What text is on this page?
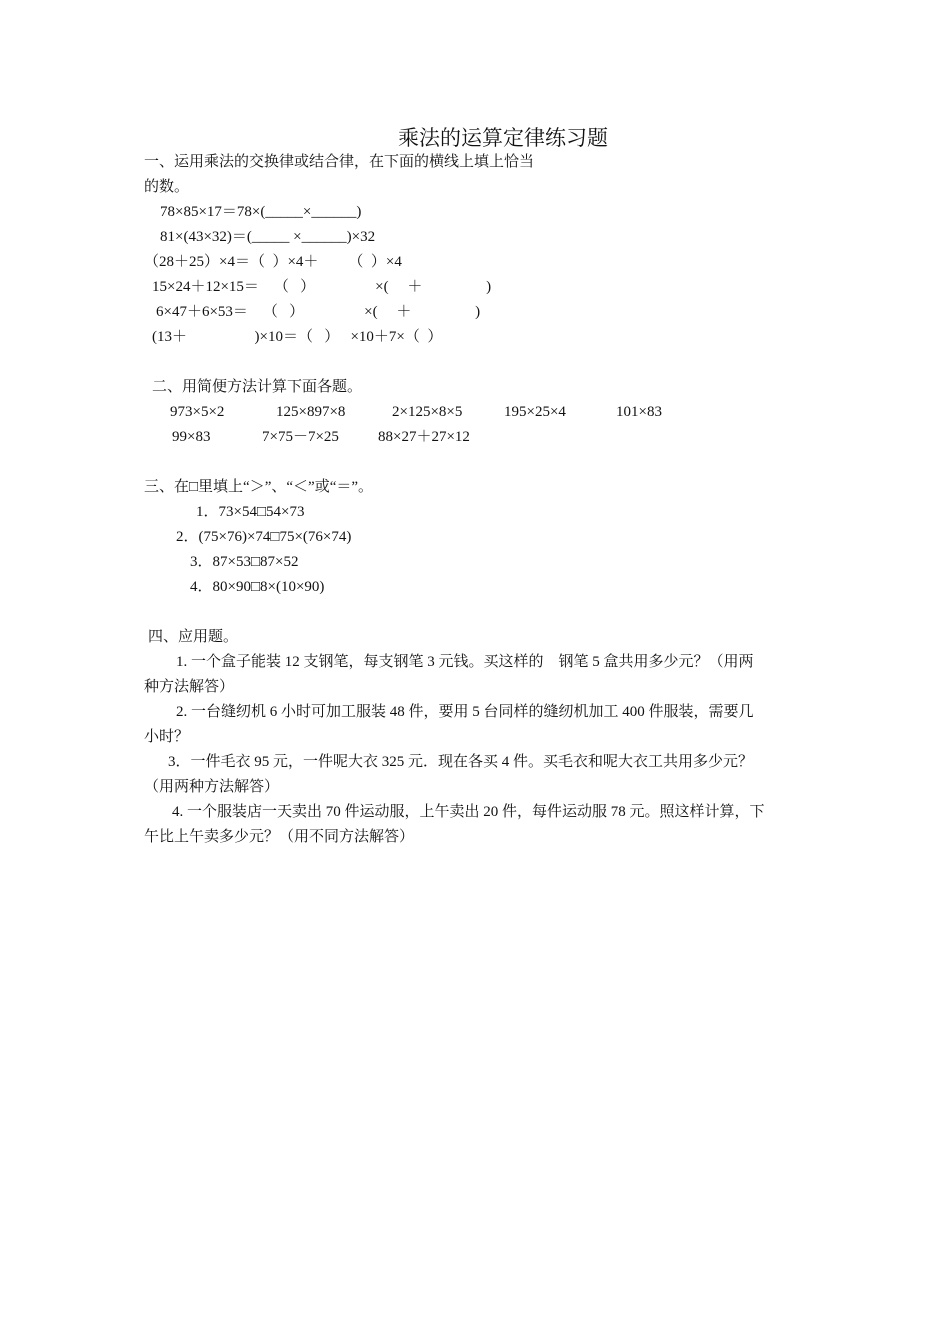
乘法的运算定律练习题
一、运用乘法的交换律或结合律，在下面的横线上填上恰当
的数。
78×85×17＝78×(_____×______)
81×(43×32)＝(_____ ×______)×32
（28＋25）×4＝（  ）×4＋        （  ）×4
15×24＋12×15＝    （   ）                ×(     ＋                 )
6×47＋6×53＝    （   ）                ×(     ＋                 )
(13＋                  )×10＝（   ）   ×10＋7×（  ）
二、用简便方法计算下面各题。
973×5×2	125×897×8	2×125×8×5	195×25×4	101×83
99×83	7×75－7×25	88×27＋27×12
三、在□里填上“＞”、“＜”或“＝”。
1．73×54□54×73
2．(75×76)×74□75×(76×74)
3．87×53□87×52
4．80×90□8×(10×90)
四、应用题。
1. 一个盒子能装 12 支钢笔，每支钢笔 3 元钱。买这样的    钢笔 5 盒共用多少元？（用两
种方法解答）
2. 一台缝纫机 6 小时可加工服装 48 件，要用 5 台同样的缝纫机加工 400 件服装，需要几
小时？
3．一件毛衣 95 元，一件呢大衣 325 元．现在各买 4 件。买毛衣和呢大衣工共用多少元？
（用两种方法解答）
4. 一个服装店一天卖出 70 件运动服，上午卖出 20 件，每件运动服 78 元。照这样计算，下
午比上午卖多少元？（用不同方法解答）
